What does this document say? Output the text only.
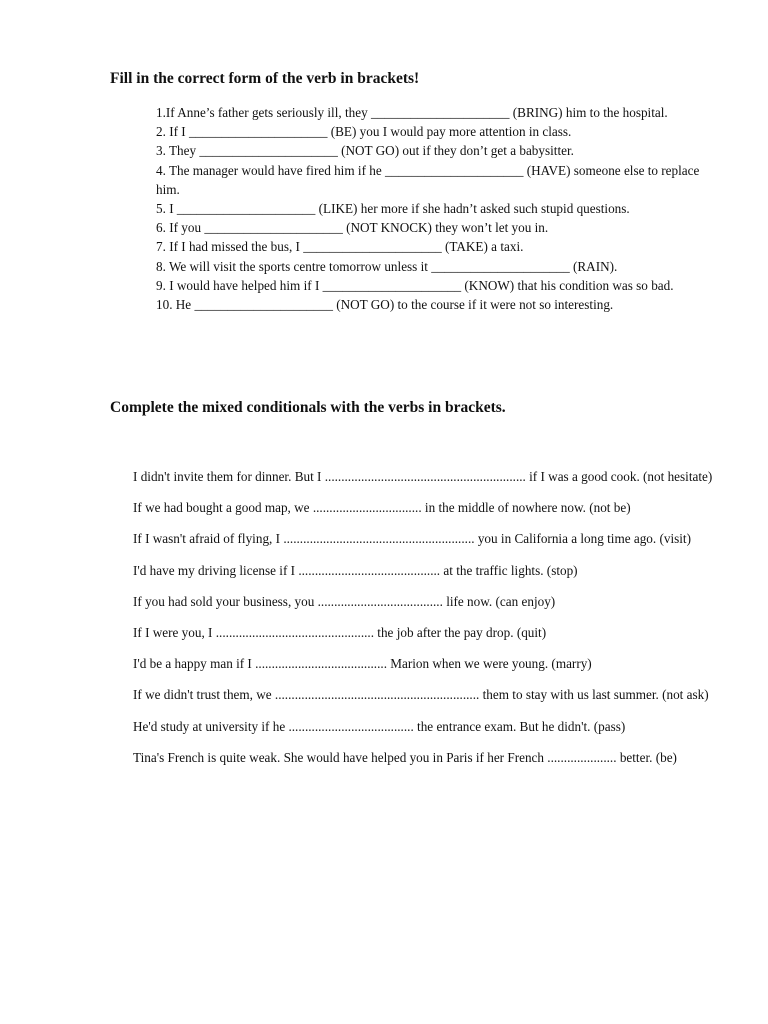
Fill in the correct form of the verb in brackets!

1.If Anne’s father gets seriously ill, they _____________________ (BRING) him to the hospital.

2. If I _____________________ (BE) you I would pay more attention in class.

3. They _____________________ (NOT GO) out if they don’t get a babysitter.

4. The manager would have fired him if he _____________________ (HAVE) someone else to replace him.

5. I _____________________ (LIKE) her more if she hadn’t asked such stupid questions.

6. If you _____________________ (NOT KNOCK) they won’t let you in.

7. If I had missed the bus, I _____________________ (TAKE) a taxi.

8. We will visit the sports centre tomorrow unless it _____________________ (RAIN).

9. I would have helped him if I _____________________ (KNOW) that his condition was so bad.

10. He _____________________ (NOT GO) to the course if it were not so interesting.

Complete the mixed conditionals with the verbs in brackets.

I didn't invite them for dinner. But I ............................................................. if I was a good cook. (not hesitate)

If we had bought a good map, we ................................. in the middle of nowhere now. (not be)

If I wasn't afraid of flying, I .......................................................... you in California a long time ago. (visit)

I'd have my driving license if I ........................................... at the traffic lights. (stop)

If you had sold your business, you ...................................... life now. (can enjoy)

If I were you, I ................................................ the job after the pay drop. (quit)

I'd be a happy man if I ........................................ Marion when we were young. (marry)

If we didn't trust them, we .............................................................. them to stay with us last summer. (not ask)

He'd study at university if he ...................................... the entrance exam. But he didn't. (pass)

Tina's French is quite weak. She would have helped you in Paris if her French ..................... better. (be)
